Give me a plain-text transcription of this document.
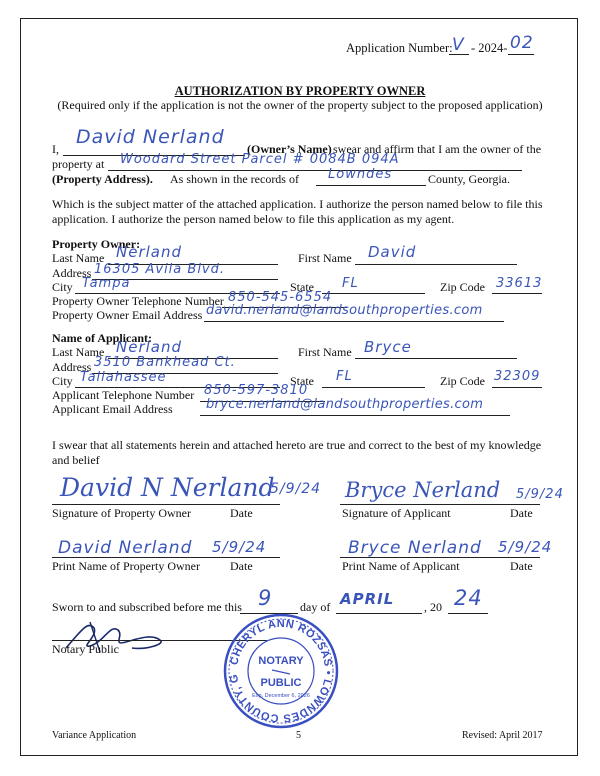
Application Number: V - 2024- 02
AUTHORIZATION BY PROPERTY OWNER
(Required only if the application is not the owner of the property subject to the proposed application)
I,
David Nerland
(Owner’s Name) swear and affirm that I am the owner of the
property at Woodard Street Parcel # 0084B 094A
(Property Address). As shown in the records of Lowndes	County, Georgia.
Which is the subject matter of the attached application. I authorize the person named below to file this application. I authorize the person named below to file this application as my agent.
Property Owner:
Last Name Nerland	First Name David
Address 16305 Avila Blvd.
City Tampa	State FL	Zip Code 33613
Property Owner Telephone Number 850-545-6554
Property Owner Email Address david.nerland@landsouthproperties.com
Name of Applicant:
Last Name Nerland	First Name Bryce
Address 3510 Bankhead Ct.
City Tallahassee	State FL	Zip Code 32309
Applicant Telephone Number 850-597-3810
Applicant Email Address	bryce.nerland@landsouthproperties.com
I swear that all statements herein and attached hereto are true and correct to the best of my knowledge and belief
David N Nerland
5/9/24
Signature of Property Owner	Date
Bryce Nerland 5/9/24
Signature of Applicant	Date
David Nerland 5/9/24
Print Name of Property Owner	Date
Bryce Nerland 5/9/24
Print Name of Applicant	Date
Sworn to and subscribed before me this 9 day of APRIL , 20 24
Notary Public
CHERYL ANN ROZSAS • LOWNDES COUNTY, G
NOTARY
PUBLIC
Exp. December 6, 2026
Variance Application	5	Revised: April 2017
